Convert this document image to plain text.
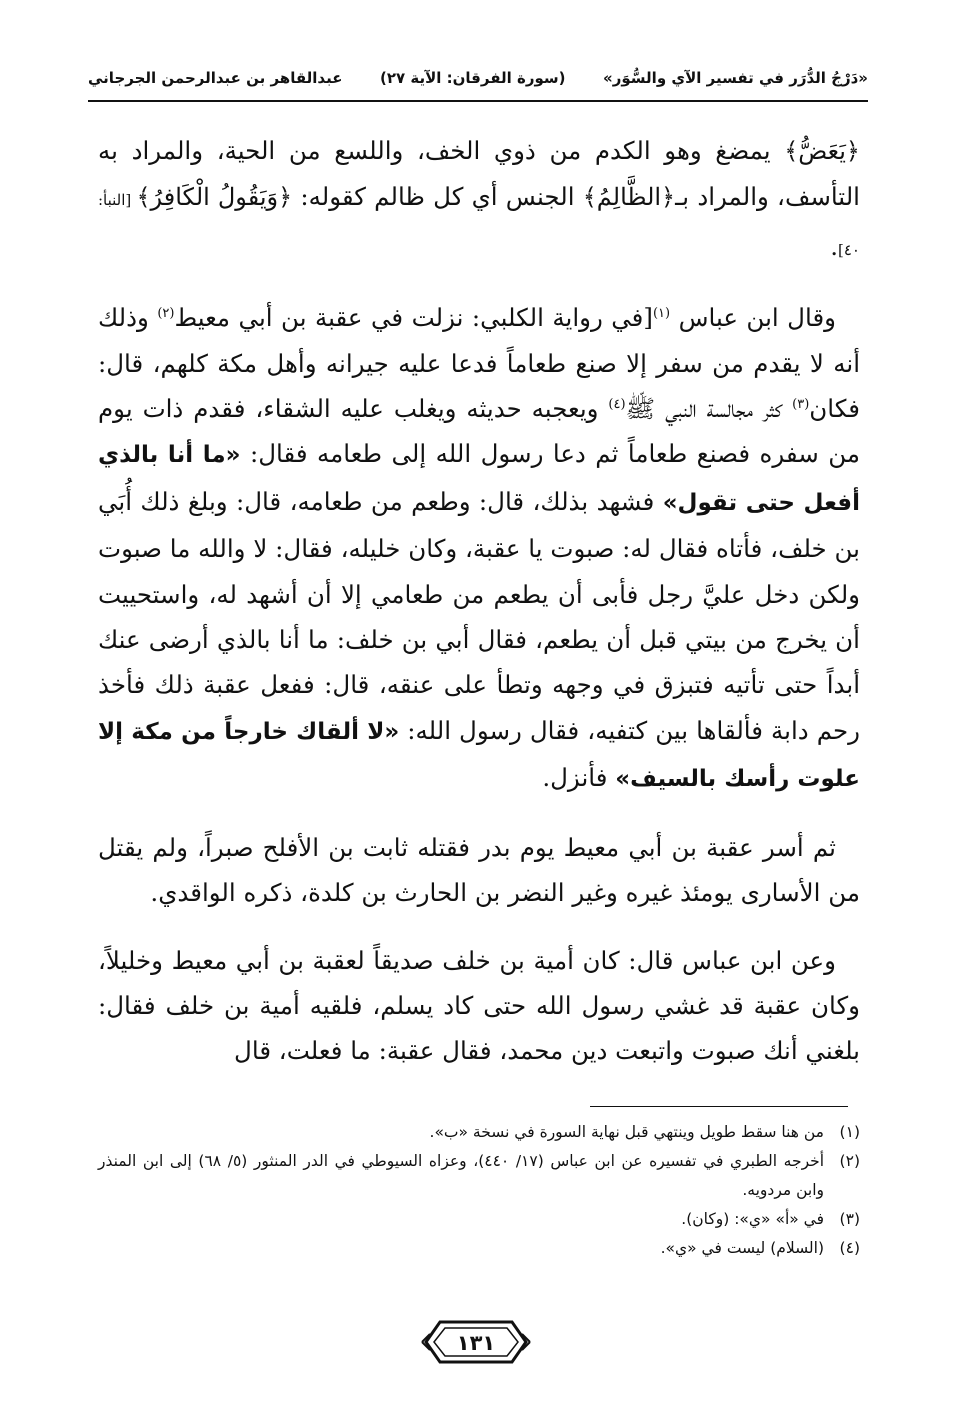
«دَرْجُ الدُّرَر في تفسير الآي والسُّوَر»
(سورة الفرقان: الآية ٢٧)
عبدالقاهر بن عبدالرحمن الجرجاني

﴿يَعَضُّ﴾ يمضغ وهو الكدم من ذوي الخف، واللسع من الحية، والمراد به التأسف، والمراد بـ﴿الظَّالِمُ﴾ الجنس أي كل ظالم كقوله: ﴿وَيَقُولُ الْكَافِرُ﴾ [النبأ: ٤٠].

وقال ابن عباس $^{(١)}$[في رواية الكلبي: نزلت في عقبة بن أبي معيط$^{(٢)}$ وذلك أنه لا يقدم من سفر إلا صنع طعاماً فدعا عليه جيرانه وأهل مكة كلهم، قال: فكان$^{(٣)}$ كثر مجالسة النبي ﷺ$^{(٤)}$ ويعجبه حديثه ويغلب عليه الشقاء، فقدم ذات يوم من سفره فصنع طعاماً ثم دعا رسول الله إلى طعامه فقال: «ما أنا بالذي أفعل حتى تقول» فشهد بذلك، قال: وطعم من طعامه، قال: وبلغ ذلك أُبَي بن خلف، فأتاه فقال له: صبوت يا عقبة، وكان خليله، فقال: لا والله ما صبوت ولكن دخل عليَّ رجل فأبى أن يطعم من طعامي إلا أن أشهد له، واستحييت أن يخرج من بيتي قبل أن يطعم، فقال أبي بن خلف: ما أنا بالذي أرضى عنك أبداً حتى تأتيه فتبزق في وجهه وتطأ على عنقه، قال: ففعل عقبة ذلك فأخذ رحم دابة فألقاها بين كتفيه، فقال رسول الله: «لا ألقاك خارجاً من مكة إلا علوت رأسك بالسيف» فأنزل.

ثم أسر عقبة بن أبي معيط يوم بدر فقتله ثابت بن الأفلح صبراً، ولم يقتل من الأسارى يومئذ غيره وغير النضر بن الحارث بن كلدة، ذكره الواقدي.

وعن ابن عباس قال: كان أمية بن خلف صديقاً لعقبة بن أبي معيط وخليلاً، وكان عقبة قد غشي رسول الله حتى كاد يسلم، فلقيه أمية بن خلف فقال: بلغني أنك صبوت واتبعت دين محمد، فقال عقبة: ما فعلت، قال

(١)
من هنا سقط طويل وينتهي قبل نهاية السورة في نسخة «ب».
(٢)
أخرجه الطبري في تفسيره عن ابن عباس (١٧/ ٤٤٠)، وعزاه السيوطي في الدر المنثور (٥/ ٦٨) إلى ابن المنذر وابن مردويه.
(٣)
في «أ» «ي»: (وكان).
(٤)
(السلام) ليست في «ي».
١٣١
